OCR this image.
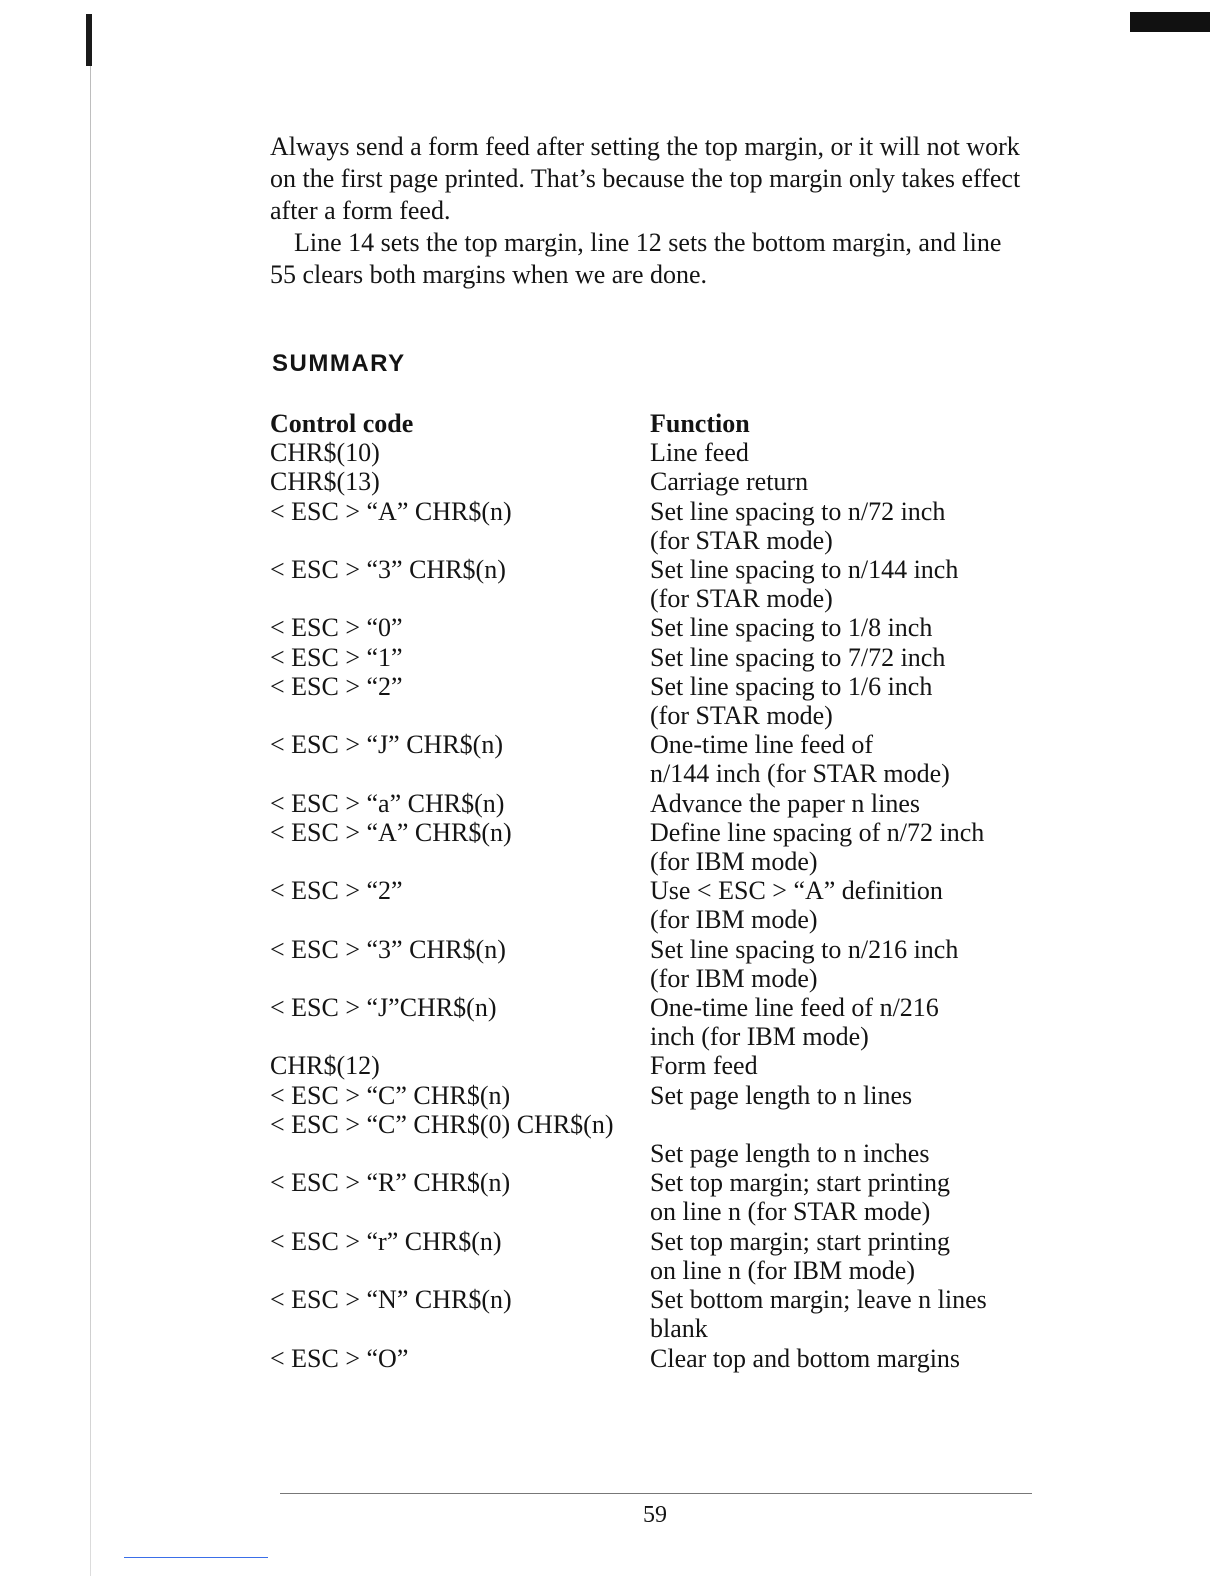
Always send a form feed after setting the top margin, or it will not work on the first page printed. That’s because the top margin only takes effect after a form feed.

Line 14 sets the top margin, line 12 sets the bottom margin, and line 55 clears both margins when we are done.

SUMMARY
Control code	Function
CHR$(10)	Line feed
CHR$(13)	Carriage return
< ESC > “A” CHR$(n)	Set line spacing to n/72 inch
(for STAR mode)
< ESC > “3” CHR$(n)	Set line spacing to n/144 inch
(for STAR mode)
< ESC > “0”	Set line spacing to 1/8 inch
< ESC > “1”	Set line spacing to 7/72 inch
< ESC > “2”	Set line spacing to 1/6 inch
(for STAR mode)
< ESC > “J” CHR$(n)	One-time line feed of
n/144 inch (for STAR mode)
< ESC > “a” CHR$(n)	Advance the paper n lines
< ESC > “A” CHR$(n)	Define line spacing of n/72 inch
(for IBM mode)
< ESC > “2”	Use < ESC > “A” definition
(for IBM mode)
< ESC > “3” CHR$(n)	Set line spacing to n/216 inch
(for IBM mode)
< ESC > “J”CHR$(n)	One-time line feed of n/216
inch (for IBM mode)
CHR$(12)	Form feed
< ESC > “C” CHR$(n)	Set page length to n lines
< ESC > “C” CHR$(0) CHR$(n)
Set page length to n inches
< ESC > “R” CHR$(n)	Set top margin; start printing
on line n (for STAR mode)
< ESC > “r” CHR$(n)	Set top margin; start printing
on line n (for IBM mode)
< ESC > “N” CHR$(n)	Set bottom margin; leave n lines
blank
< ESC > “O”	Clear top and bottom margins
59
